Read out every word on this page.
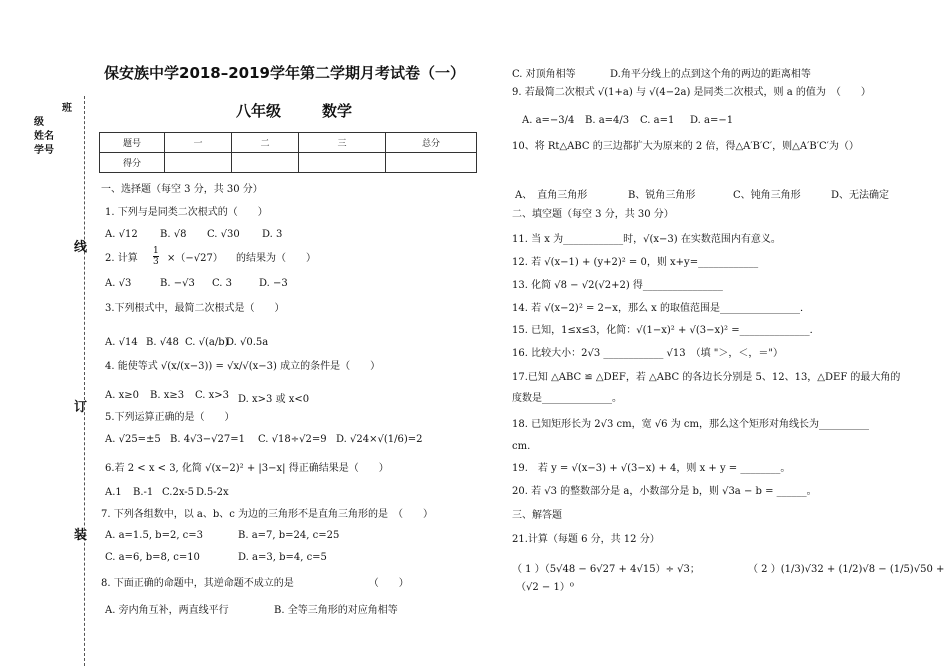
班
级
姓名
学号
线
订
装
保安族中学2018–2019学年第二学期月考试卷（一）
八年级	数学
题号	一	二	三	总分
得分				
一、选择题（每空 3 分，共 30 分）
1. 下列与是同类二次根式的（　　）
A. √12 B. √8 C. √30 D. 3
2. 计算 $\frac{1}{3} \times(-√27)$ 的结果为（　　）
A. √3	B. −√3 C. 3	D. −3
3.下列根式中，最简二次根式是（　　）
A. √14 B. √48 C. √(a/b)
D. √0.5a
4. 能使等式 √(x/(x−3)) = √x/√(x−3) 成立的条件是（　　）
A. x≥0 B. x≥3 C. x>3 D. x>3 或 x<0
5.下列运算正确的是（　　）
A. √25=±5 B. 4√3−√27=1 C. √18÷√2=9 D. √24×√(1/6)=2
6.若 2 < x < 3, 化简 √(x−2)² + |3−x| 得正确结果是（　　）
A.1 B.-1 C.2x-5 D.5-2x
7. 下列各组数中，以 a、b、c 为边的三角形不是直角三角形的是　（　　）
A. a=1.5, b=2, c=3	B. a=7, b=24, c=25
C. a=6, b=8, c=10	D. a=3, b=4, c=5
8. 下面正确的命题中，其逆命题不成立的是　　　　　　　　（　　）
A. 旁内角互补，两直线平行	B. 全等三角形的对应角相等
C. 对顶角相等	D.角平分线上的点到这个角的两边的距离相等
9. 若最简二次根式 √(1+a) 与 √(4−2a) 是同类二次根式，则 a 的值为　（　　）
A. a=−3/4 B. a=4/3 C. a=1 D. a=−1
10、将 Rt△ABC 的三边都扩大为原来的 2 倍，得△A′B′C′，则△A′B′C′为（）
A、　直角三角形	B、锐角三角形	C、钝角三角形	D、无法确定
二、填空题（每空 3 分，共 30 分）
11. 当 x 为____________时，√(x−3) 在实数范围内有意义。
12. 若 √(x−1) + (y+2)² = 0，则 x+y=____________
13. 化简 √8 − √2(√2+2) 得________________
14. 若 √(x−2)² = 2−x，那么 x 的取值范围是________________．
15. 已知，1≤x≤3，化简：√(1−x)² + √(3−x)² =______________．
16. 比较大小：2√3 ____________ √13　（填 "＞，＜，＝"）
17.已知 △ABC ≌ △DEF，若 △ABC 的各边长分别是 5、12、13，△DEF 的最大角的
度数是______________。
18. 已知矩形长为 2√3 cm，宽 √6 为 cm，那么这个矩形对角线长为__________
cm.
19.　若 y = √(x−3) + √(3−x) + 4，则 x + y = ________。
20. 若 √3 的整数部分是 a，小数部分是 b，则 √3a − b = ______。
三、解答题
21.计算（每题 6 分，共 12 分）
（ 1 ）（5√48 − 6√27 + 4√15）÷ √3；	（ 2 ）(1/3)√32 + (1/2)√8 − (1/5)√50 +
（√2 − 1）⁰
